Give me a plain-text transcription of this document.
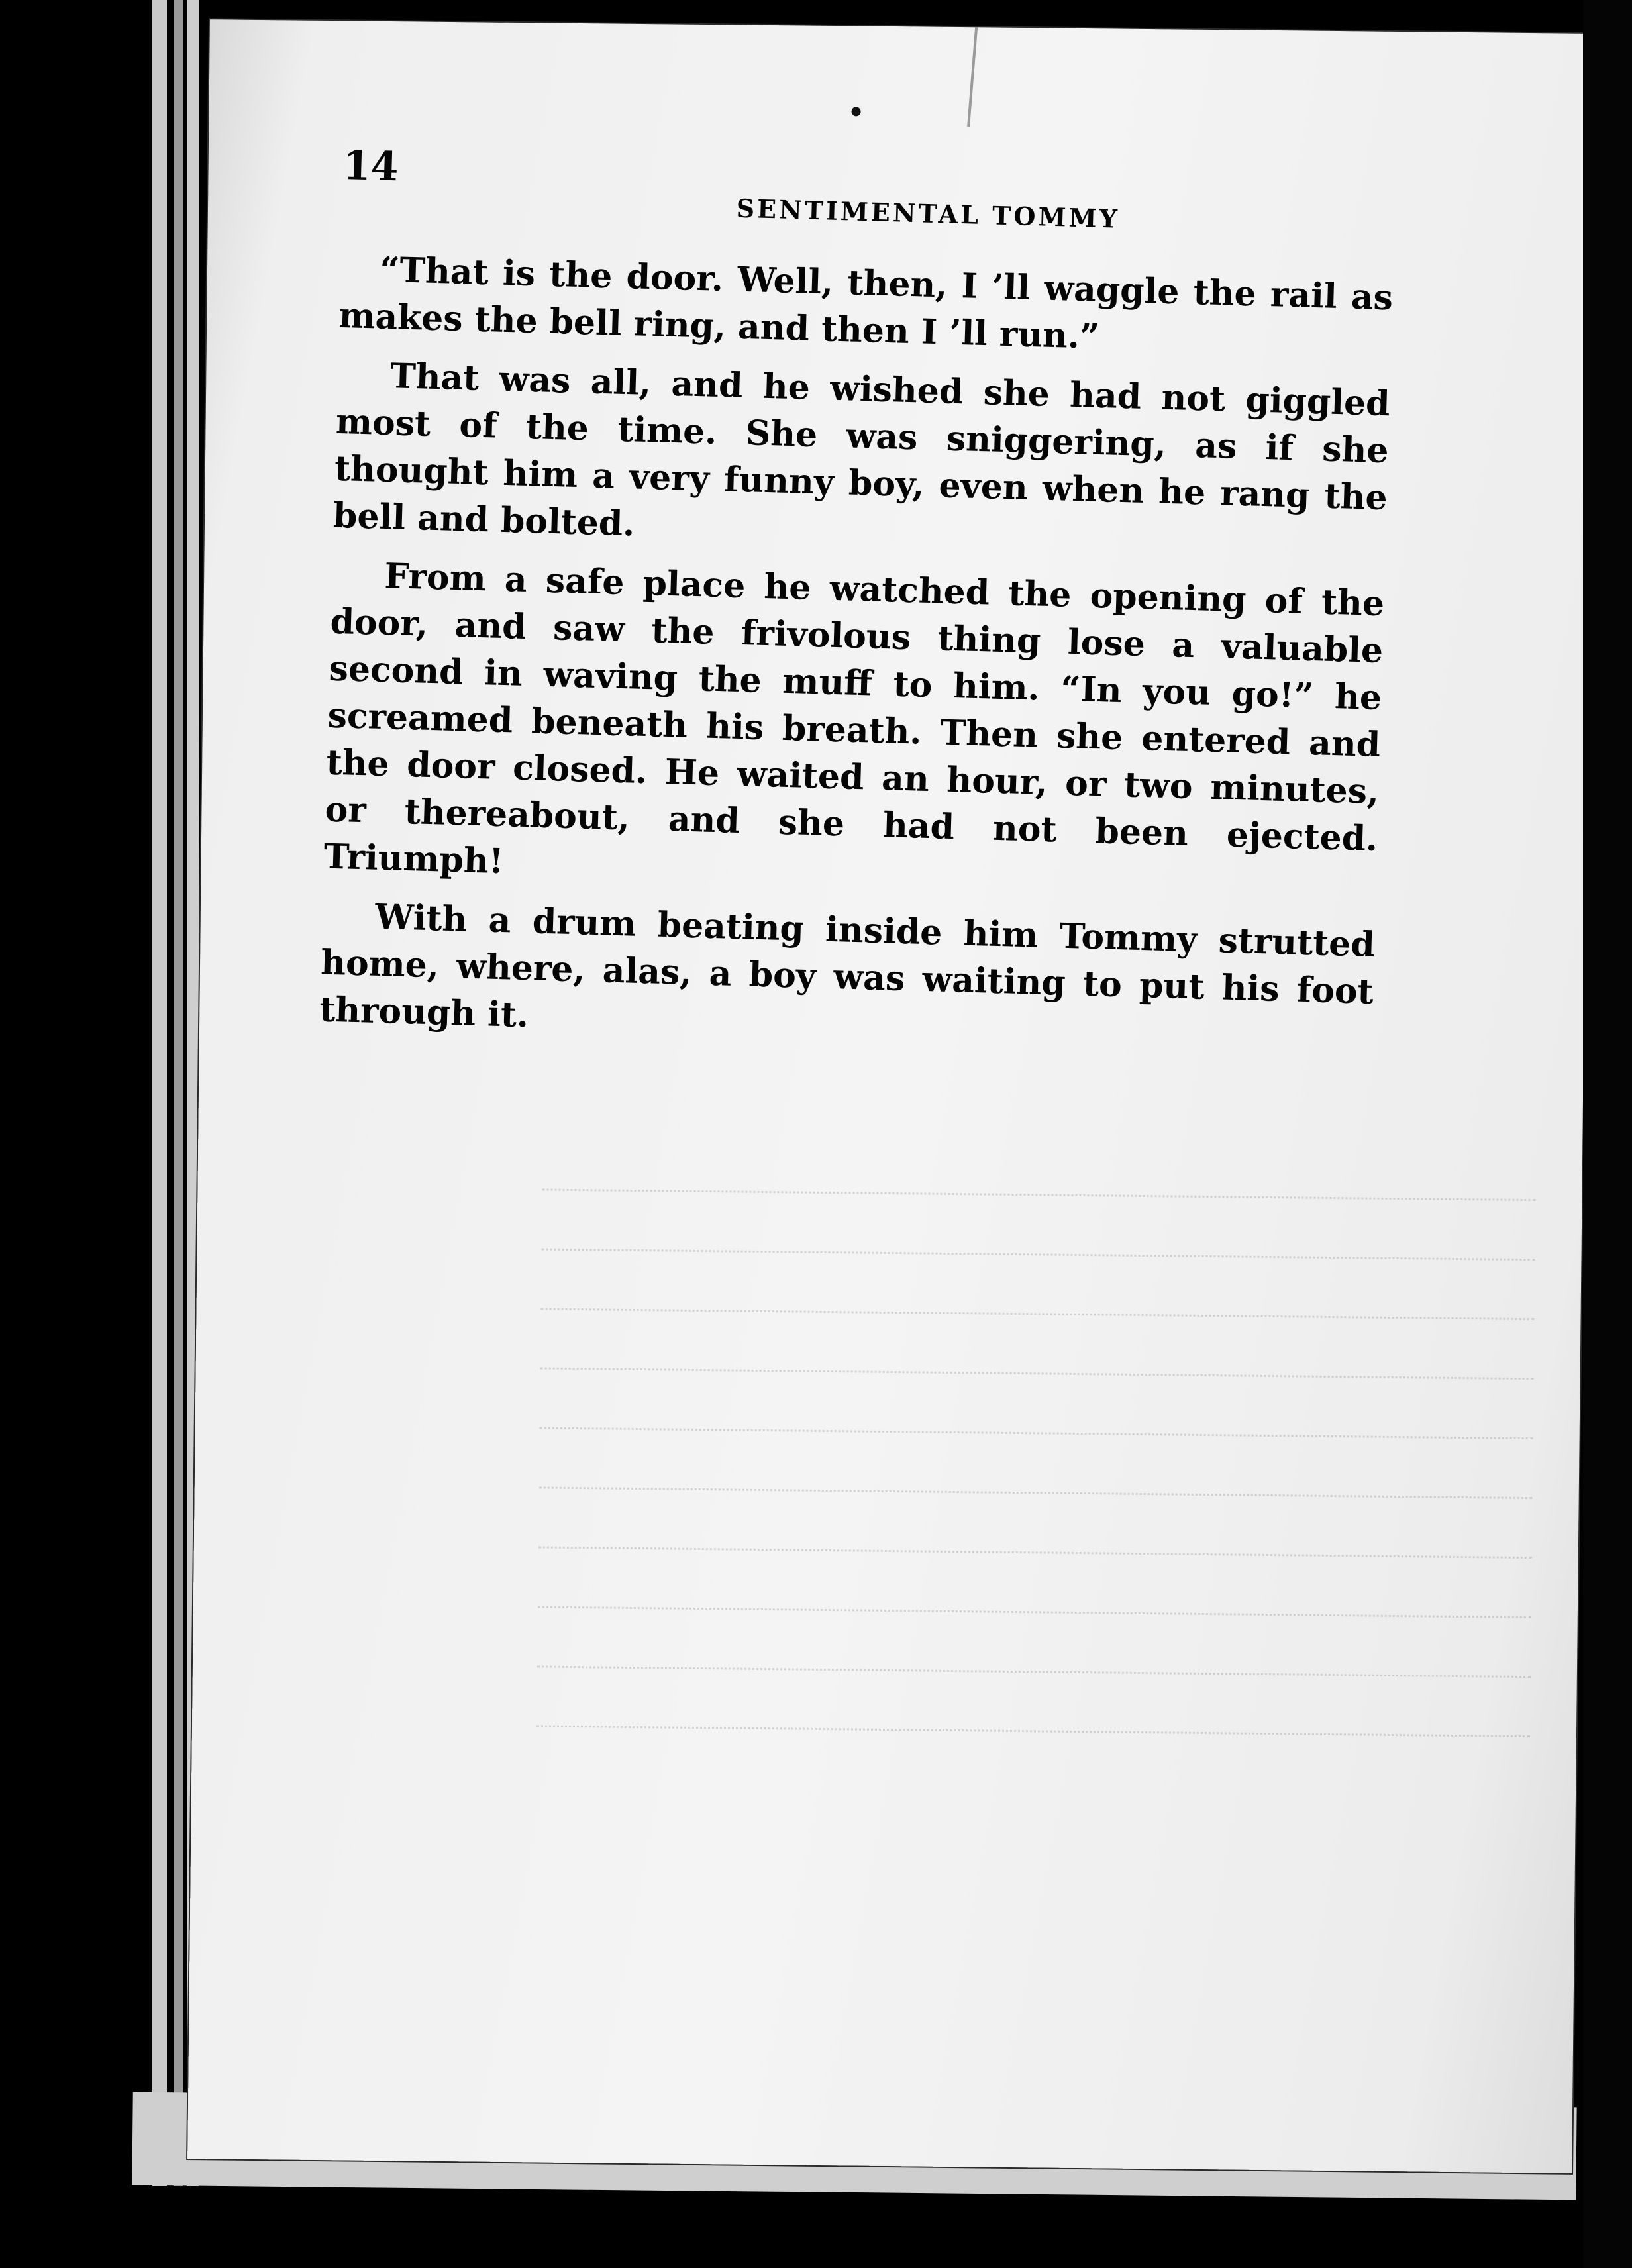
14

SENTIMENTAL TOMMY

“That is the door. Well, then, I ’ll waggle the rail as makes the bell ring, and then I ’ll run.”

That was all, and he wished she had not giggled most of the time. She was sniggering, as if she thought him a very funny boy, even when he rang the bell and bolted.

From a safe place he watched the opening of the door, and saw the frivolous thing lose a valuable second in waving the muff to him. “In you go!” he screamed beneath his breath. Then she entered and the door closed. He waited an hour, or two minutes, or thereabout, and she had not been ejected. Triumph!

With a drum beating inside him Tommy strutted home, where, alas, a boy was waiting to put his foot through it.
